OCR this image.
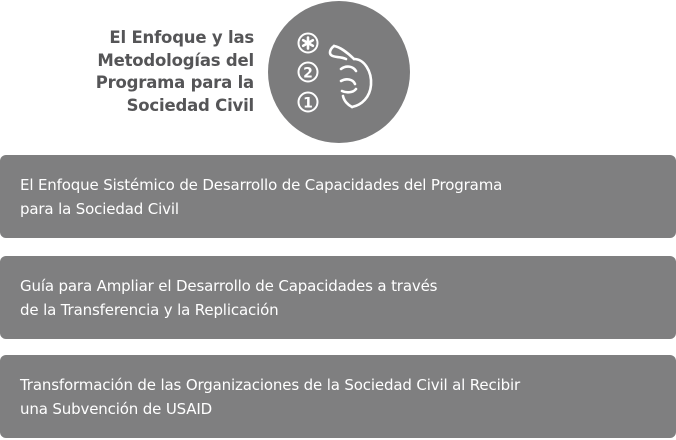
El Enfoque y las
Metodologías del
Programa para la
Sociedad Civil
2
1
El Enfoque Sistémico de Desarrollo de Capacidades del Programa
para la Sociedad Civil
Guía para Ampliar el Desarrollo de Capacidades a través
de la Transferencia y la Replicación
Transformación de las Organizaciones de la Sociedad Civil al Recibir
una Subvención de USAID
